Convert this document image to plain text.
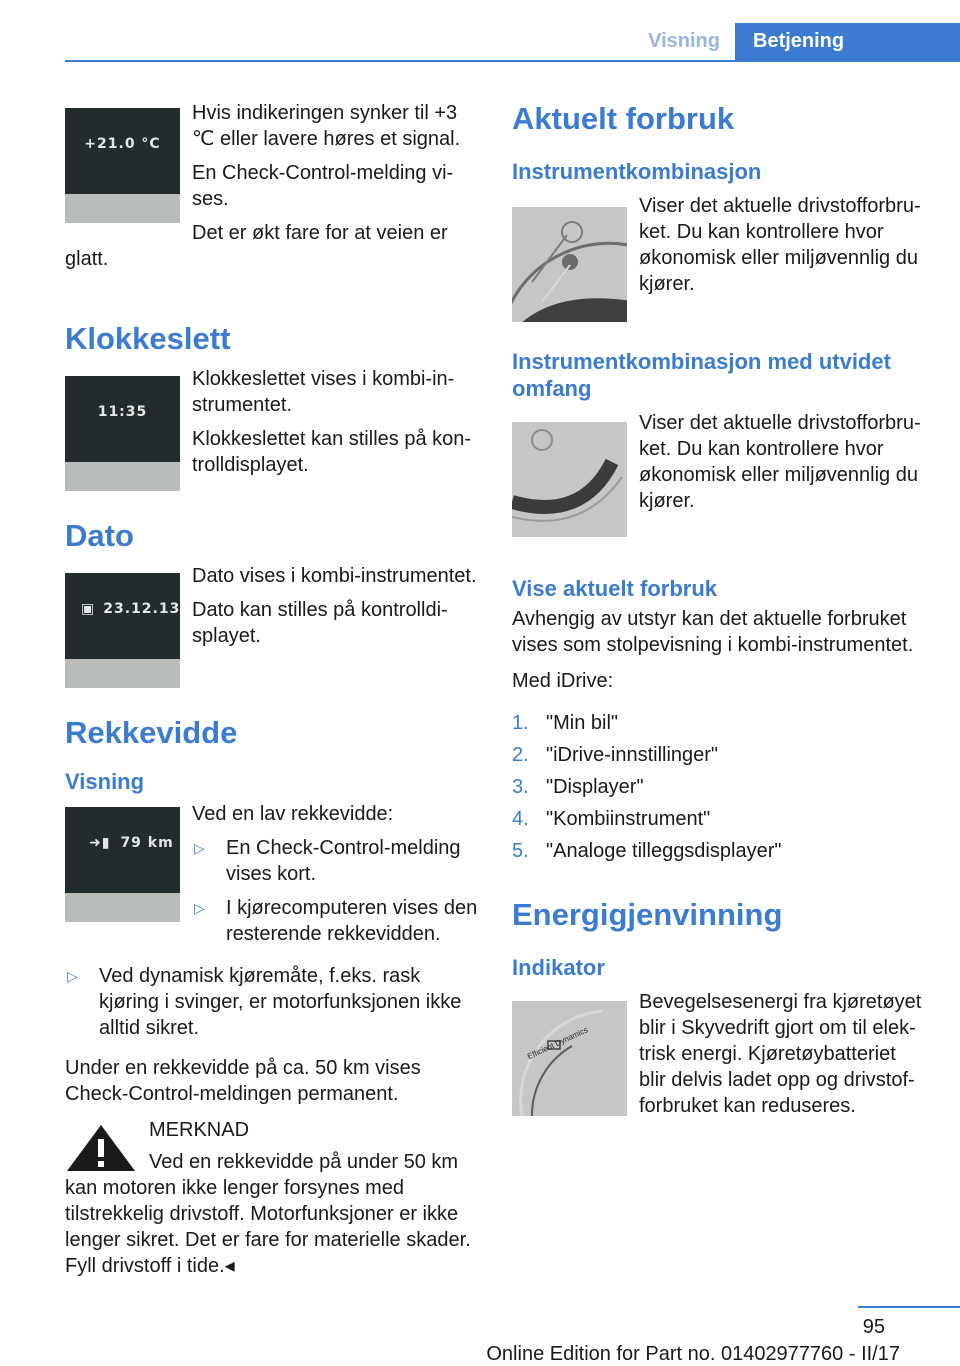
Visning	Betjening
+21.0 °C

Hvis indikeringen synker til +3 ℃ eller lavere høres et signal.

En Check-Control-melding vises.

Det er økt fare for at veien er glatt.

Klokkeslett
11:35

Klokkeslettet vises i kombi-instrumentet.

Klokkeslettet kan stilles på kontrolldisplayet.

Dato
▣ 23.12.13

Dato vises i kombi-instrumentet.

Dato kan stilles på kontrolldisplayet.

Rekkevidde
Visning
➜▮ 79 km

Ved en lav rekkevidde:

▷ En Check-Control-melding vises kort.
▷ I kjørecomputeren vises den resterende rekkevidden.
▷ Ved dynamisk kjøremåte, f.eks. rask kjøring i svinger, er motorfunksjonen ikke alltid sikret.

Under en rekkevidde på ca. 50 km vises Check-Control-meldingen permanent.

MERKNAD

Ved en rekkevidde på under 50 km kan motoren ikke lenger forsynes med tilstrekkelig drivstoff. Motorfunksjoner er ikke lenger sikret. Det er fare for materielle skader. Fyll drivstoff i tide.◂

Aktuelt forbruk
Instrumentkombinasjon

Viser det aktuelle drivstofforbruket. Du kan kontrollere hvor økonomisk eller miljøvennlig du kjører.

Instrumentkombinasjon med utvidet omfang

Viser det aktuelle drivstofforbruket. Du kan kontrollere hvor økonomisk eller miljøvennlig du kjører.

Vise aktuelt forbruk

Avhengig av utstyr kan det aktuelle forbruket vises som stolpevisning i kombi-instrumentet.

Med iDrive:

1. "Min bil"
2. "iDrive-innstillinger"
3. "Displayer"
4. "Kombiinstrument"
5. "Analoge tilleggsdisplayer"
Energigjenvinning
Indikator
Efficient Dynamics

Bevegelsesenergi fra kjøretøyet blir i Skyvedrift gjort om til elektrisk energi. Kjøretøybatteriet blir delvis ladet opp og drivstofforbruket kan reduseres.

95
Online Edition for Part no. 01402977760 - II/17
